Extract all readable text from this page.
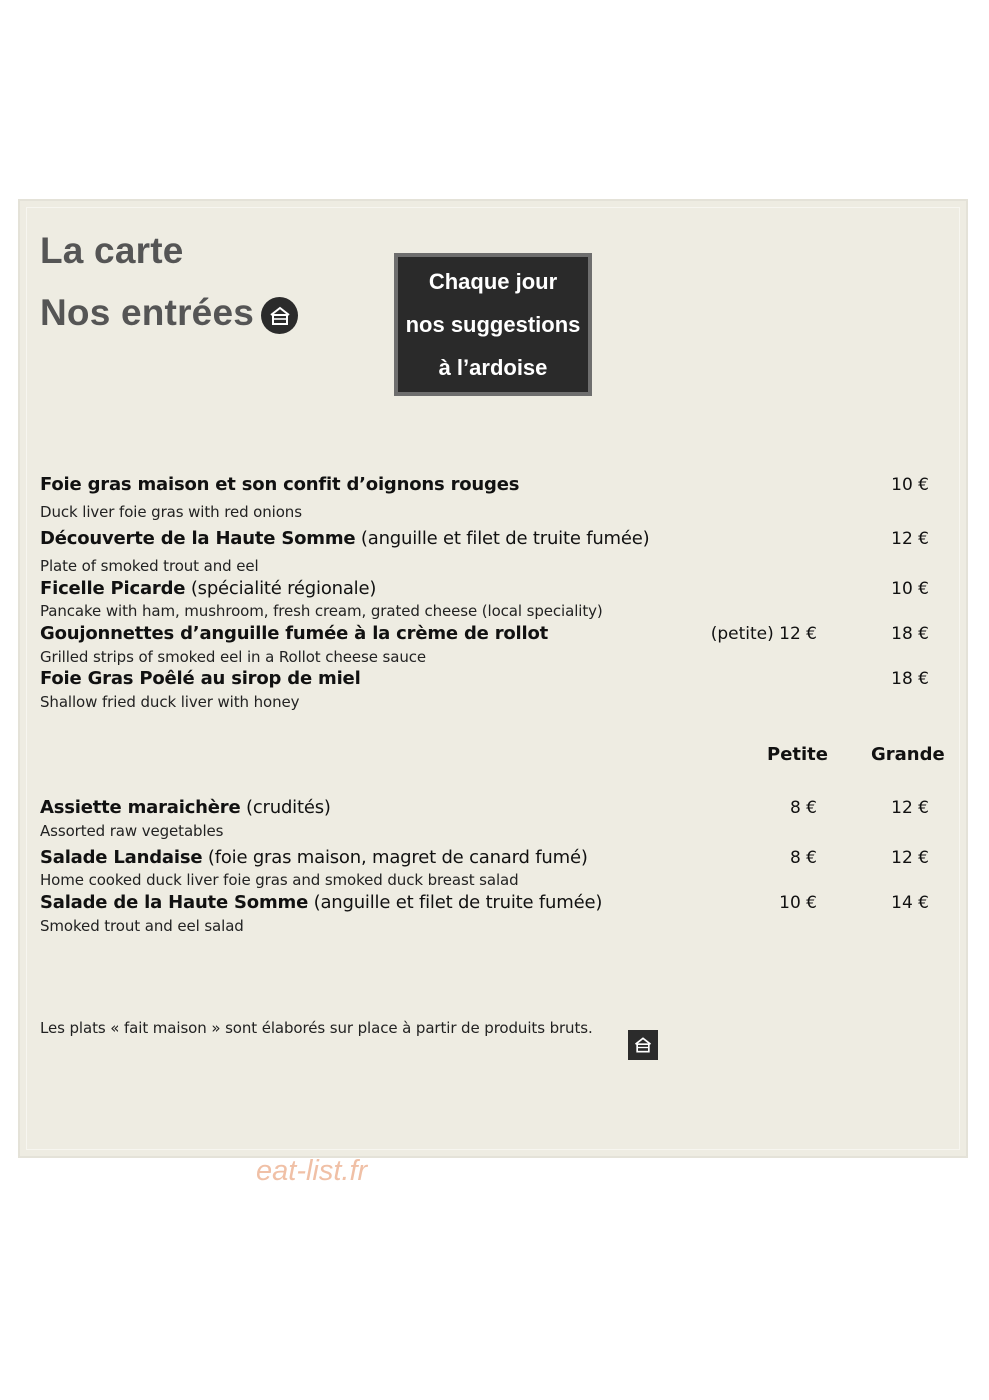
La carte
Nos entrées
Chaque jour
nos suggestions
à l’ardoise
Foie gras maison et son confit d’oignons rouges
Duck liver foie gras with red onions
10 €
Découverte de la Haute Somme (anguille et filet de truite fumée)
Plate of smoked trout and eel
12 €
Ficelle Picarde (spécialité régionale)
Pancake with ham, mushroom, fresh cream, grated cheese (local speciality)
10 €
Goujonnettes d’anguille fumée à la crème de rollot
Grilled strips of smoked eel in a Rollot cheese sauce
(petite) 12 €	18 €
Foie Gras Poêlé au sirop de miel
Shallow fried duck liver with honey
18 €
Petite Grande
Assiette maraichère (crudités)
Assorted raw vegetables
8 €	12 €
Salade Landaise (foie gras maison, magret de canard fumé)
Home cooked duck liver foie gras and smoked duck breast salad
8 €	12 €
Salade de la Haute Somme (anguille et filet de truite fumée)
Smoked trout and eel salad
10 €	14 €
Les plats « fait maison » sont élaborés sur place à partir de produits bruts.
eat-list.fr
